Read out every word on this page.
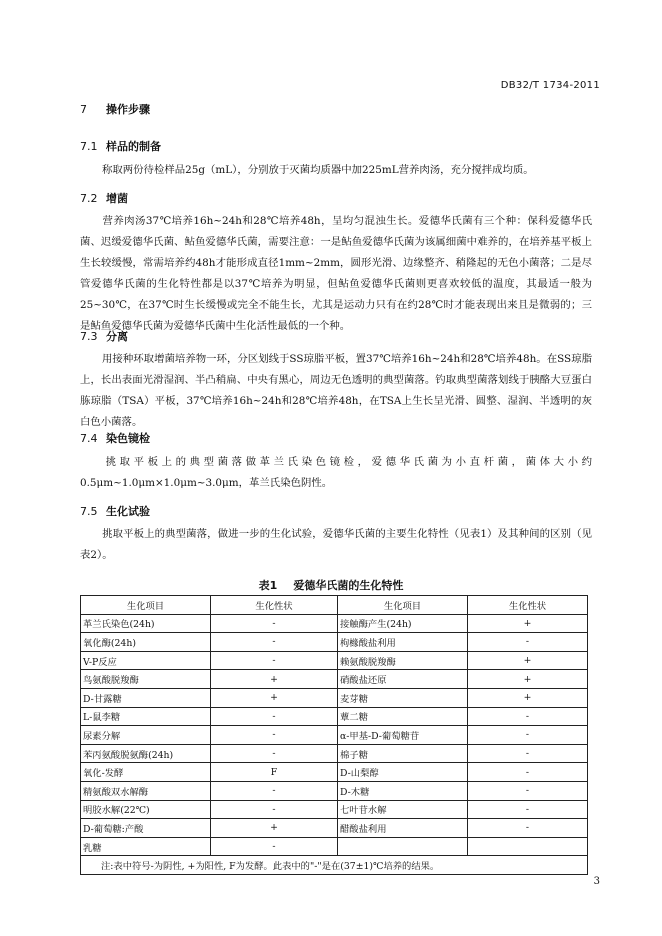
DB32/T 1734-2011
7 操作步骤
7.1 样品的制备
称取两份待检样品25g（mL），分别放于灭菌均质器中加225mL营养肉汤，充分搅拌成均质。
7.2 增菌
营养肉汤37℃培养16h~24h和28℃培养48h，呈均匀混浊生长。爱德华氏菌有三个种：保科爱德华氏菌、迟缓爱德华氏菌、鲇鱼爱德华氏菌，需要注意：一是鲇鱼爱德华氏菌为该属细菌中难养的，在培养基平板上生长较缓慢，常需培养约48h才能形成直径1mm~2mm，圆形光滑、边缘整齐、稍隆起的无色小菌落；二是尽管爱德华氏菌的生化特性都是以37℃培养为明显，但鲇鱼爱德华氏菌则更喜欢较低的温度，其最适一般为25~30℃，在37℃时生长缓慢或完全不能生长，尤其是运动力只有在约28℃时才能表现出来且是微弱的；三是鲇鱼爱德华氏菌为爱德华氏菌中生化活性最低的一个种。
7.3 分离
用接种环取增菌培养物一环，分区划线于SS琼脂平板，置37℃培养16h~24h和28℃培养48h。在SS琼脂上，长出表面光滑湿润、半凸稍扁、中央有黑心，周边无色透明的典型菌落。钓取典型菌落划线于胰酪大豆蛋白胨琼脂（TSA）平板，37℃培养16h~24h和28℃培养48h，在TSA上生长呈光滑、圆整、湿润、半透明的灰白色小菌落。
7.4 染色镜检
挑取平板上的典型菌落做革兰氏染色镜检，爱德华氏菌为小直杆菌，菌体大小约0.5μm~1.0μm×1.0μm~3.0μm，革兰氏染色阴性。
7.5 生化试验
挑取平板上的典型菌落，做进一步的生化试验，爱德华氏菌的主要生化特性（见表1）及其种间的区别（见表2）。
表1 爱德华氏菌的生化特性
生化项目	生化性状	生化项目	生化性状
革兰氏染色(24h)	-	接触酶产生(24h)	+
氧化酶(24h)	-	枸橼酸盐利用	-
V-P反应	-	赖氨酸脱羧酶	+
鸟氨酸脱羧酶	+	硝酸盐还原	+
D-甘露糖	+	麦芽糖	+
L-鼠李糖	-	蕈二糖	-
尿素分解	-	α-甲基-D-葡萄糖苷	-
苯丙氨酸脱氨酶(24h)	-	棉子糖	-
氧化-发酵	F	D-山梨醇	-
精氨酸双水解酶	-	D-木糖	-
明胶水解(22℃)	-	七叶苷水解	-
D-葡萄糖:产酸	+	醋酸盐利用	-
乳糖	-		
注:表中符号-为阴性, +为阳性, F为发酵。此表中的"-"是在(37±1)℃培养的结果。			
3
